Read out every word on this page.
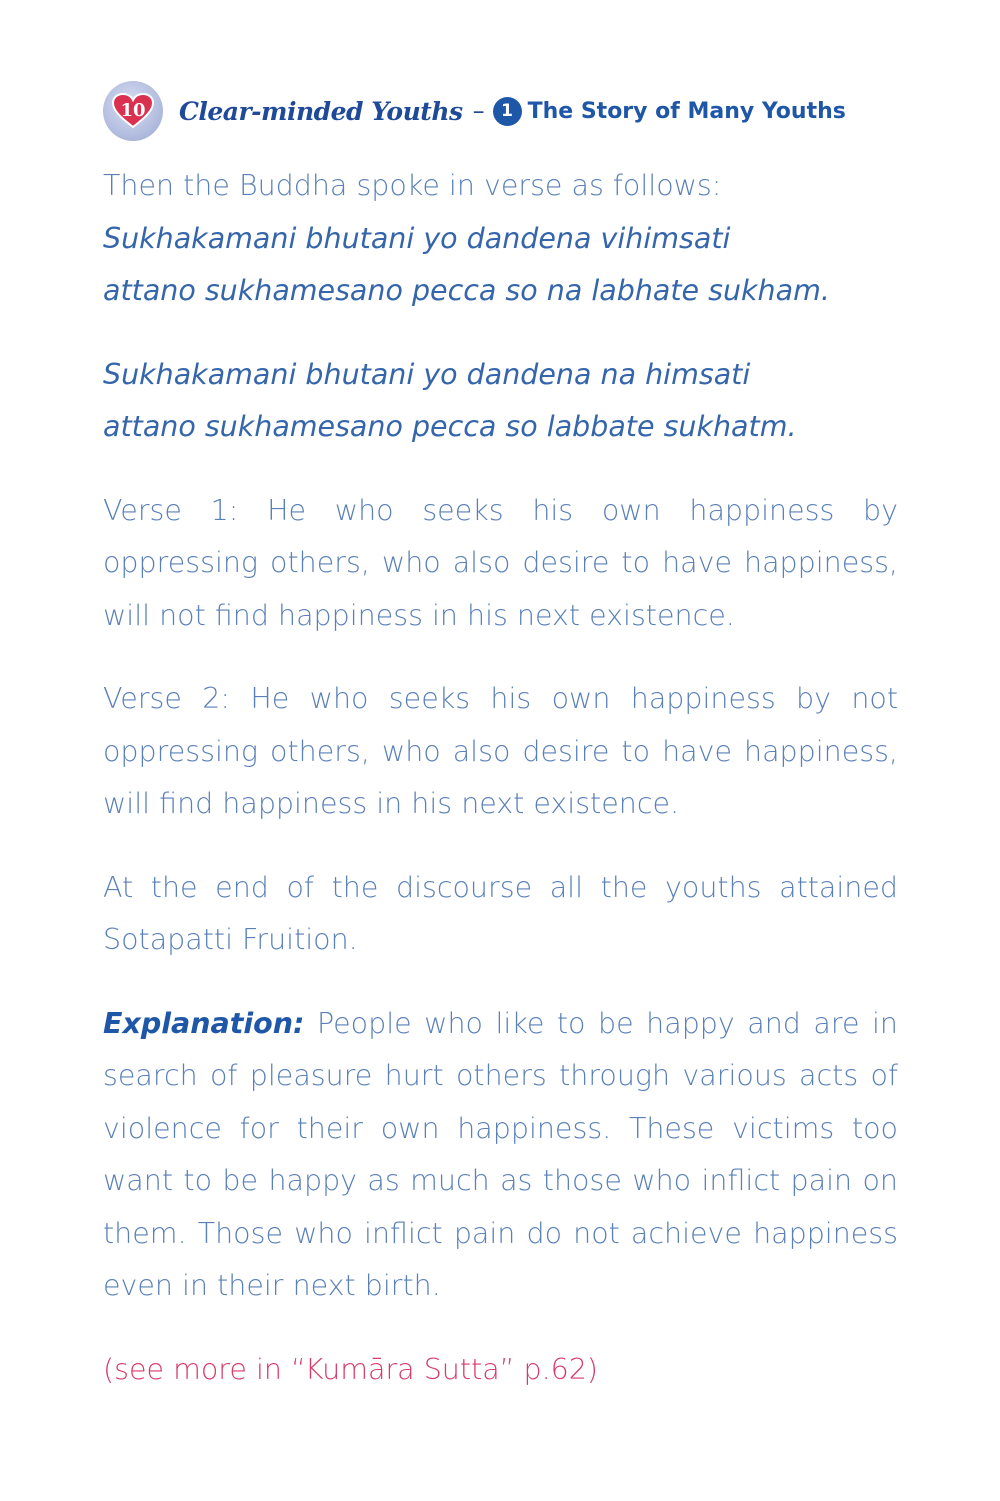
10 Clear-minded Youths – 1 The Story of Many Youths

Then the Buddha spoke in verse as follows:

Sukhakamani bhutani yo dandena vihimsati

attano sukhamesano pecca so na labhate sukham.

Sukhakamani bhutani yo dandena na himsati

attano sukhamesano pecca so labbate sukhatm.

Verse 1: He who seeks his own happiness by oppressing others, who also desire to have happiness, will not find happiness in his next existence.

Verse 2: He who seeks his own happiness by not oppressing others, who also desire to have happiness, will find happiness in his next existence.

At the end of the discourse all the youths attained Sotapatti Fruition.

Explanation: People who like to be happy and are in search of pleasure hurt others through various acts of violence for their own happiness. These victims too want to be happy as much as those who inflict pain on them. Those who inflict pain do not achieve happiness even in their next birth.

(see more in “Kumāra Sutta” p.62)
